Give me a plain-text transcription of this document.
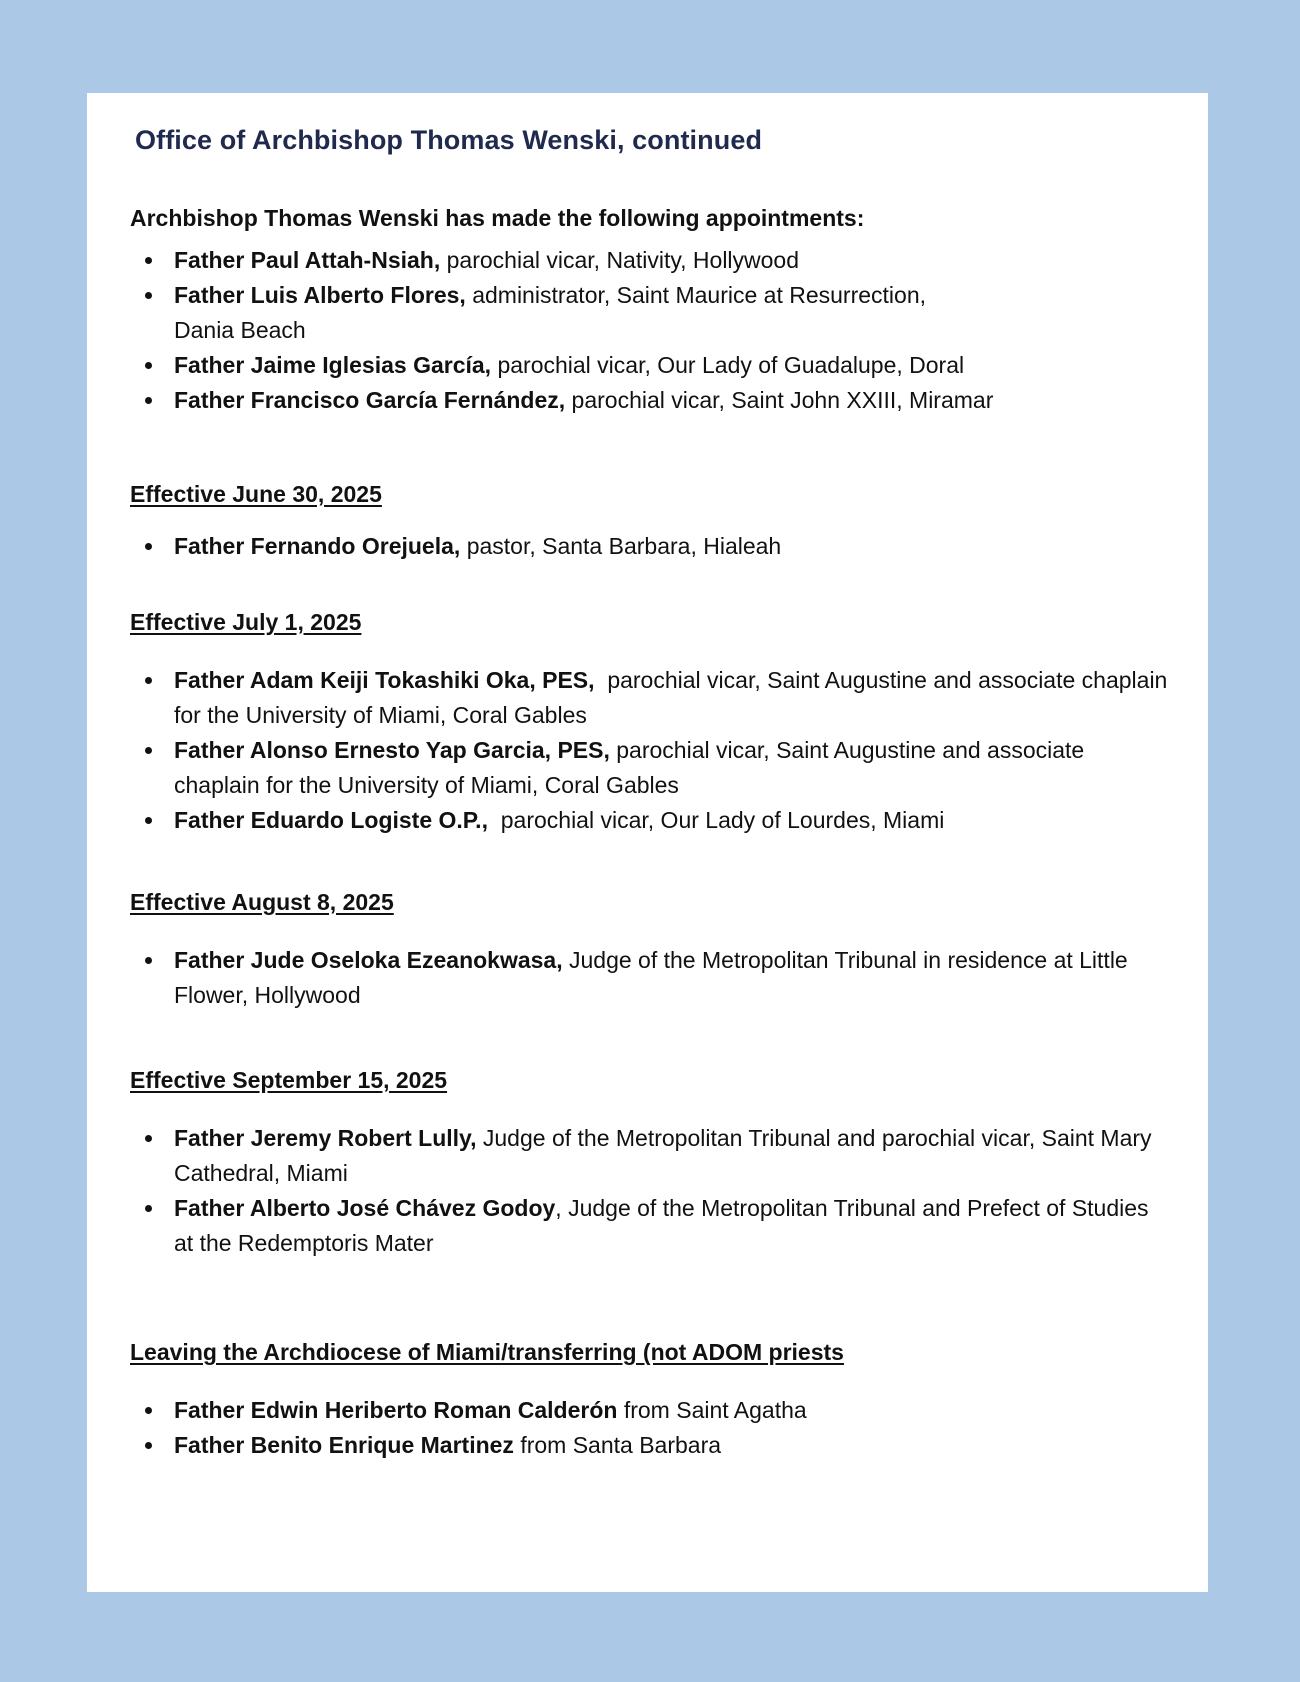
Office of Archbishop Thomas Wenski, continued

Archbishop Thomas Wenski has made the following appointments:

Father Paul Attah-Nsiah, parochial vicar, Nativity, Hollywood
Father Luis Alberto Flores, administrator, Saint Maurice at Resurrection,
Dania Beach
Father Jaime Iglesias García, parochial vicar, Our Lady of Guadalupe, Doral
Father Francisco García Fernández, parochial vicar, Saint John XXIII, Miramar
Effective June 30, 2025
Father Fernando Orejuela, pastor, Santa Barbara, Hialeah
Effective July 1, 2025
Father Adam Keiji Tokashiki Oka, PES, parochial vicar, Saint Augustine and associate chaplain for the University of Miami, Coral Gables
Father Alonso Ernesto Yap Garcia, PES, parochial vicar, Saint Augustine and associate chaplain for the University of Miami, Coral Gables
Father Eduardo Logiste O.P., parochial vicar, Our Lady of Lourdes, Miami
Effective August 8, 2025
Father Jude Oseloka Ezeanokwasa, Judge of the Metropolitan Tribunal in residence at Little Flower, Hollywood
Effective September 15, 2025
Father Jeremy Robert Lully, Judge of the Metropolitan Tribunal and parochial vicar, Saint Mary Cathedral, Miami
Father Alberto José Chávez Godoy, Judge of the Metropolitan Tribunal and Prefect of Studies at the Redemptoris Mater
Leaving the Archdiocese of Miami/transferring (not ADOM priests
Father Edwin Heriberto Roman Calderón from Saint Agatha
Father Benito Enrique Martinez from Santa Barbara
